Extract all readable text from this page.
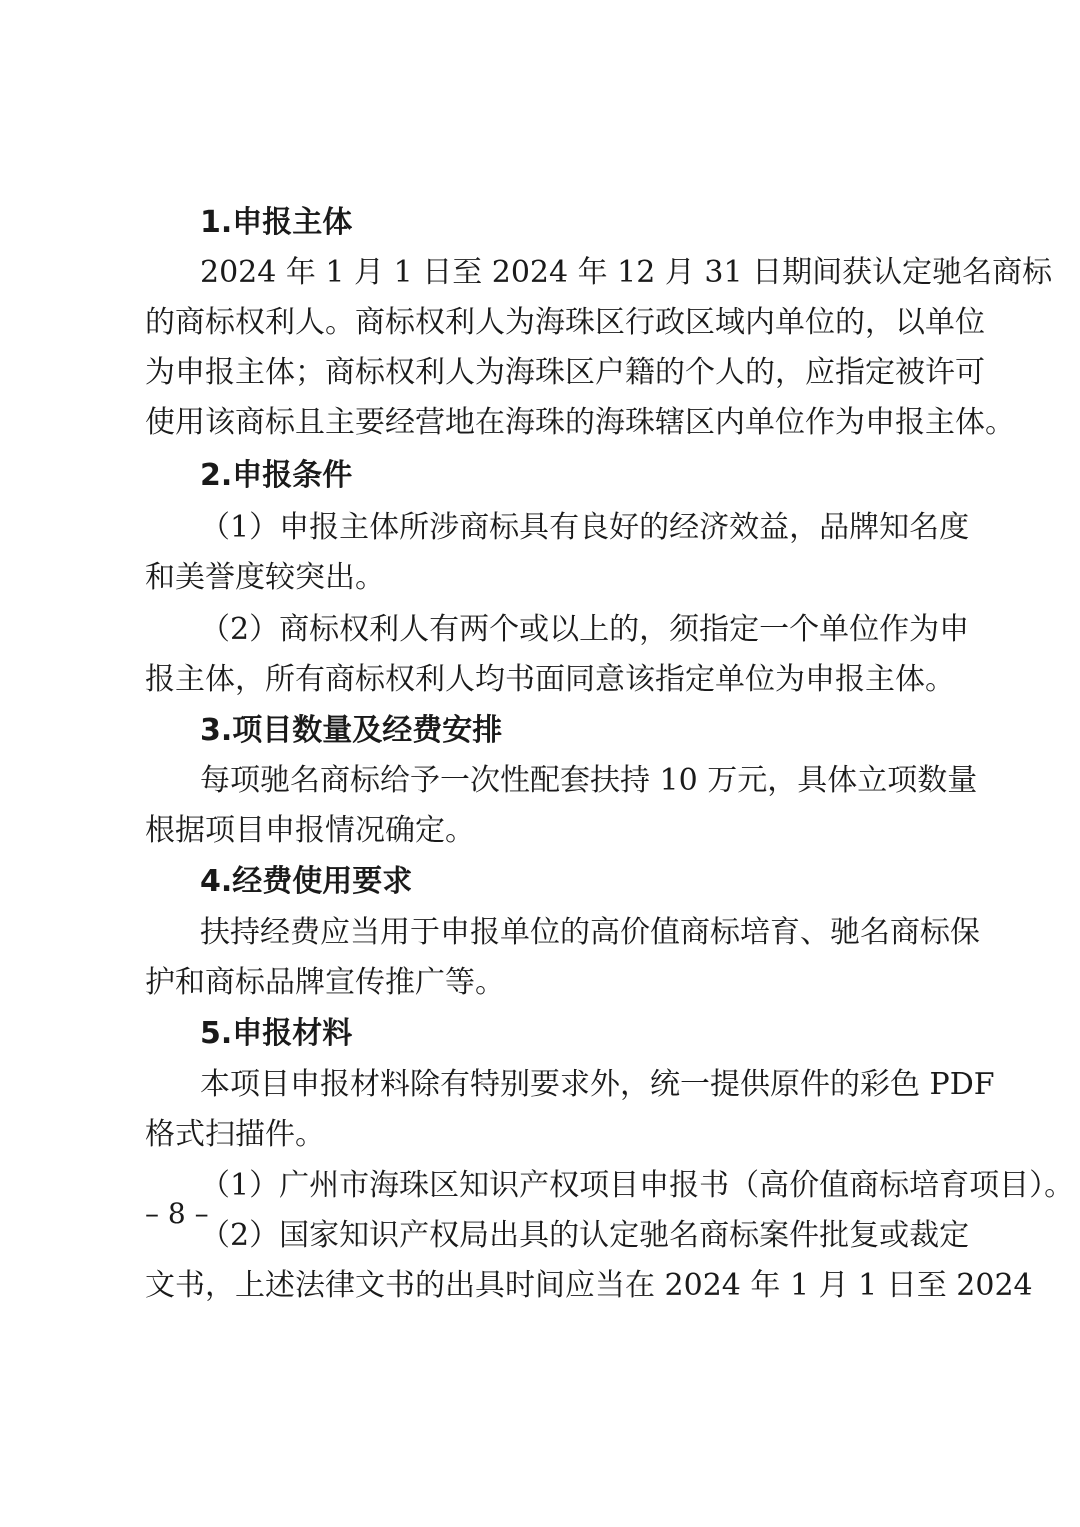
1.申报主体
2024 年 1 月 1 日至 2024 年 12 月 31 日期间获认定驰名商标
的商标权利人。商标权利人为海珠区行政区域内单位的，以单位
为申报主体；商标权利人为海珠区户籍的个人的，应指定被许可
使用该商标且主要经营地在海珠的海珠辖区内单位作为申报主体。
2.申报条件
（1）申报主体所涉商标具有良好的经济效益，品牌知名度
和美誉度较突出。
（2）商标权利人有两个或以上的，须指定一个单位作为申
报主体，所有商标权利人均书面同意该指定单位为申报主体。
3.项目数量及经费安排
每项驰名商标给予一次性配套扶持 10 万元，具体立项数量
根据项目申报情况确定。
4.经费使用要求
扶持经费应当用于申报单位的高价值商标培育、驰名商标保
护和商标品牌宣传推广等。
5.申报材料
本项目申报材料除有特别要求外，统一提供原件的彩色 PDF
格式扫描件。
（1）广州市海珠区知识产权项目申报书（高价值商标培育项目）。
（2）国家知识产权局出具的认定驰名商标案件批复或裁定
文书，上述法律文书的出具时间应当在 2024 年 1 月 1 日至 2024
– 8 –
